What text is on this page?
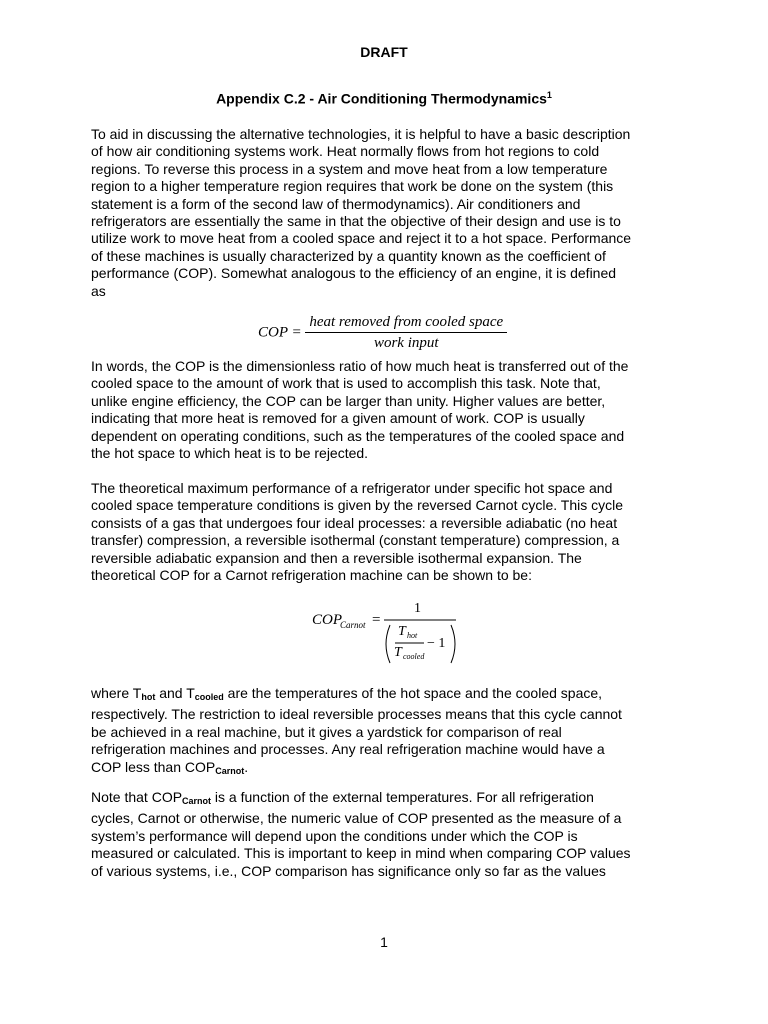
DRAFT
Appendix C.2 - Air Conditioning Thermodynamics$^1$
To aid in discussing the alternative technologies, it is helpful to have a basic description
of how air conditioning systems work. Heat normally flows from hot regions to cold
regions. To reverse this process in a system and move heat from a low temperature
region to a higher temperature region requires that work be done on the system (this
statement is a form of the second law of thermodynamics). Air conditioners and
refrigerators are essentially the same in that the objective of their design and use is to
utilize work to move heat from a cooled space and reject it to a hot space. Performance
of these machines is usually characterized by a quantity known as the coefficient of
performance (COP). Somewhat analogous to the efficiency of an engine, it is defined
as
COP = $\frac{\text{heat removed from cooled space}}{\text{work input}}$
In words, the COP is the dimensionless ratio of how much heat is transferred out of the
cooled space to the amount of work that is used to accomplish this task. Note that,
unlike engine efficiency, the COP can be larger than unity. Higher values are better,
indicating that more heat is removed for a given amount of work. COP is usually
dependent on operating conditions, such as the temperatures of the cooled space and
the hot space to which heat is to be rejected.
The theoretical maximum performance of a refrigerator under specific hot space and
cooled space temperature conditions is given by the reversed Carnot cycle. This cycle
consists of a gas that undergoes four ideal processes: a reversible adiabatic (no heat
transfer) compression, a reversible isothermal (constant temperature) compression, a
reversible adiabatic expansion and then a reversible isothermal expansion. The
theoretical COP for a Carnot refrigeration machine can be shown to be:
COP
Carnot =
1
T hot
T cooled
− 1
where $T_{hot}$ and $T_{cooled}$ are the temperatures of the hot space and the cooled space,
respectively. The restriction to ideal reversible processes means that this cycle cannot
be achieved in a real machine, but it gives a yardstick for comparison of real
refrigeration machines and processes. Any real refrigeration machine would have a
COP less than $COP_{Carnot}$.
Note that $COP_{Carnot}$ is a function of the external temperatures. For all refrigeration
cycles, Carnot or otherwise, the numeric value of COP presented as the measure of a
system’s performance will depend upon the conditions under which the COP is
measured or calculated. This is important to keep in mind when comparing COP values
of various systems, i.e., COP comparison has significance only so far as the values
1
